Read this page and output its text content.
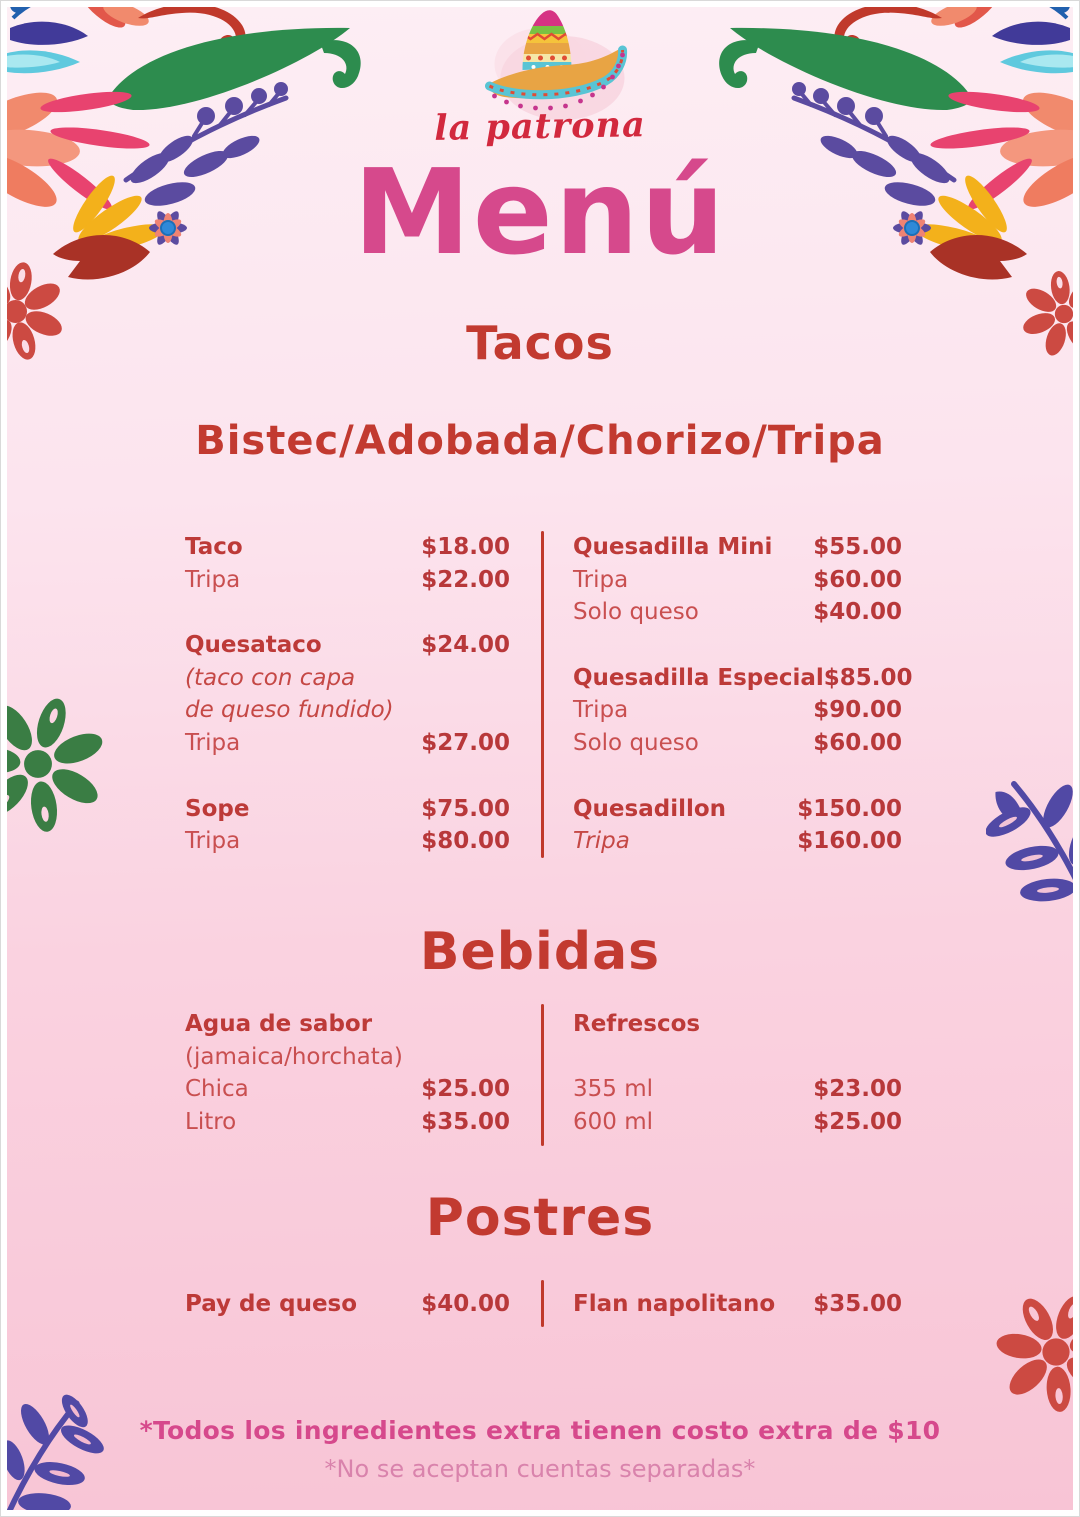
la patrona
Menú
Tacos
Bistec/Adobada/Chorizo/Tripa
Taco	$18.00
Tripa	$22.00
Quesataco	$24.00
(taco con capa
de queso fundido)
Tripa	$27.00
Sope	$75.00
Tripa	$80.00
Quesadilla Mini $55.00
Tripa	$60.00
Solo queso	$40.00
Quesadilla Especial $85.00
Tripa	$90.00
Solo queso	$60.00
Quesadillon	$150.00
Tripa	$160.00
Bebidas
Agua de sabor
(jamaica/horchata)
Chica	$25.00
Litro	$35.00
Refrescos
355 ml	$23.00
600 ml	$25.00
Postres
Pay de queso	$40.00	Flan napolitano $35.00
*Todos los ingredientes extra tienen costo extra de $10
*No se aceptan cuentas separadas*
